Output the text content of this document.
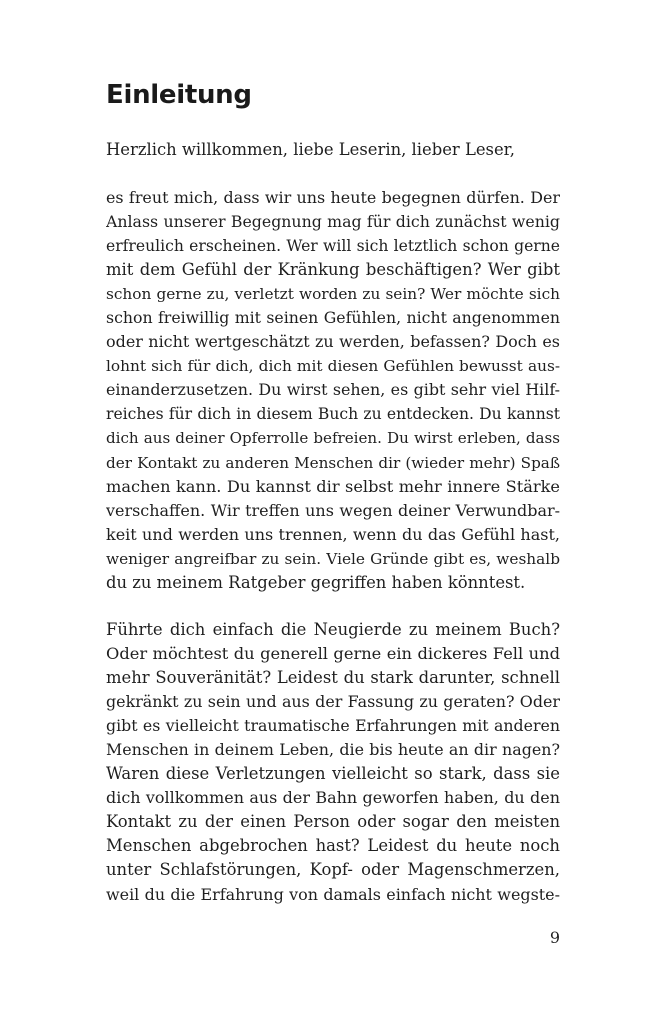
Einleitung

Herzlich willkommen, liebe Leserin, lieber Leser,

es freut mich, dass wir uns heute begegnen dürfen. Der
Anlass unserer Begegnung mag für dich zunächst wenig
erfreulich erscheinen. Wer will sich letztlich schon gerne
mit dem Gefühl der Kränkung beschäftigen? Wer gibt
schon gerne zu, verletzt worden zu sein? Wer möchte sich
schon freiwillig mit seinen Gefühlen, nicht angenommen
oder nicht wertgeschätzt zu werden, befassen? Doch es
lohnt sich für dich, dich mit diesen Gefühlen bewusst aus-
einanderzusetzen. Du wirst sehen, es gibt sehr viel Hilf-
reiches für dich in diesem Buch zu entdecken. Du kannst
dich aus deiner Opferrolle befreien. Du wirst erleben, dass
der Kontakt zu anderen Menschen dir (wieder mehr) Spaß
machen kann. Du kannst dir selbst mehr innere Stärke
verschaffen. Wir treffen uns wegen deiner Verwundbar-
keit und werden uns trennen, wenn du das Gefühl hast,
weniger angreifbar zu sein. Viele Gründe gibt es, weshalb
du zu meinem Ratgeber gegriffen haben könntest.
Führte dich einfach die Neugierde zu meinem Buch?
Oder möchtest du generell gerne ein dickeres Fell und
mehr Souveränität? Leidest du stark darunter, schnell
gekränkt zu sein und aus der Fassung zu geraten? Oder
gibt es vielleicht traumatische Erfahrungen mit anderen
Menschen in deinem Leben, die bis heute an dir nagen?
Waren diese Verletzungen vielleicht so stark, dass sie
dich vollkommen aus der Bahn geworfen haben, du den
Kontakt zu der einen Person oder sogar den meisten
Menschen abgebrochen hast? Leidest du heute noch
unter Schlafstörungen, Kopf- oder Magenschmerzen,
weil du die Erfahrung von damals einfach nicht wegste-

9
